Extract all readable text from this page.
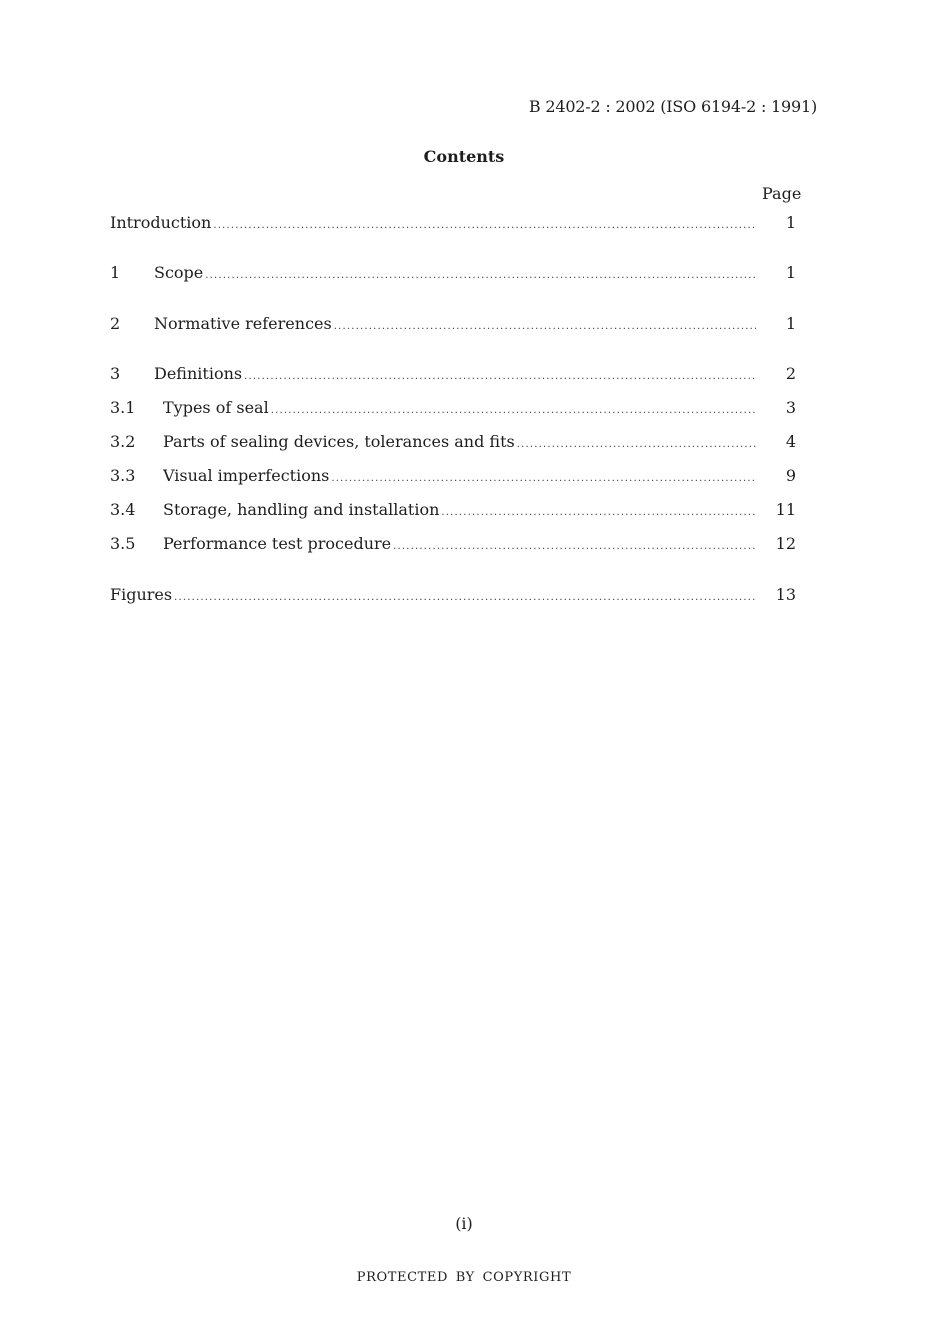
B 2402-2 : 2002 (ISO 6194-2 : 1991)
Contents
Page
Introduction .....	1
1 Scope .....	1
2 Normative references .....	1
3 Definitions .....	2
3.1 Types of seal .....	3
3.2 Parts of sealing devices, tolerances and fits .....	4
3.3 Visual imperfections .....	9
3.4 Storage, handling and installation .....	11
3.5 Performance test procedure .....	12
Figures .....	13
(i)
PROTECTED BY COPYRIGHT
